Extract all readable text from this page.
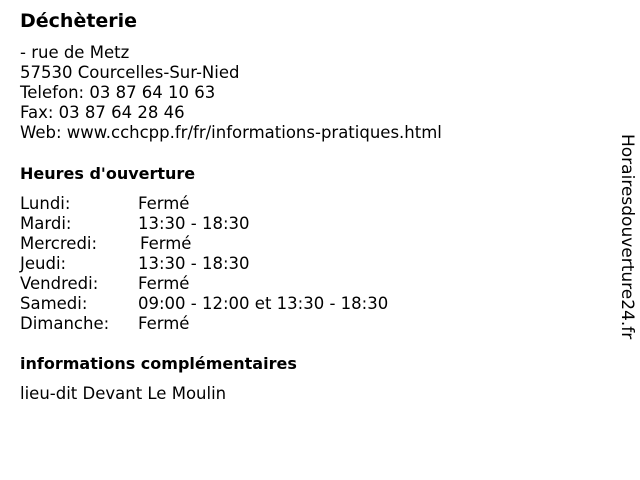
Déchèterie
- rue de Metz
57530 Courcelles-Sur-Nied
Telefon: 03 87 64 10 63
Fax: 03 87 64 28 46
Web: www.cchcpp.fr/fr/informations-pratiques.html
Heures d'ouverture
Lundi:	Fermé
Mardi:	13:30 - 18:30
Mercredi:	Fermé
Jeudi:	13:30 - 18:30
Vendredi: Fermé
Samedi:	09:00 - 12:00 et 13:30 - 18:30
Dimanche: Fermé
informations complémentaires
lieu-dit Devant Le Moulin
Horairesdouverture24.fr
